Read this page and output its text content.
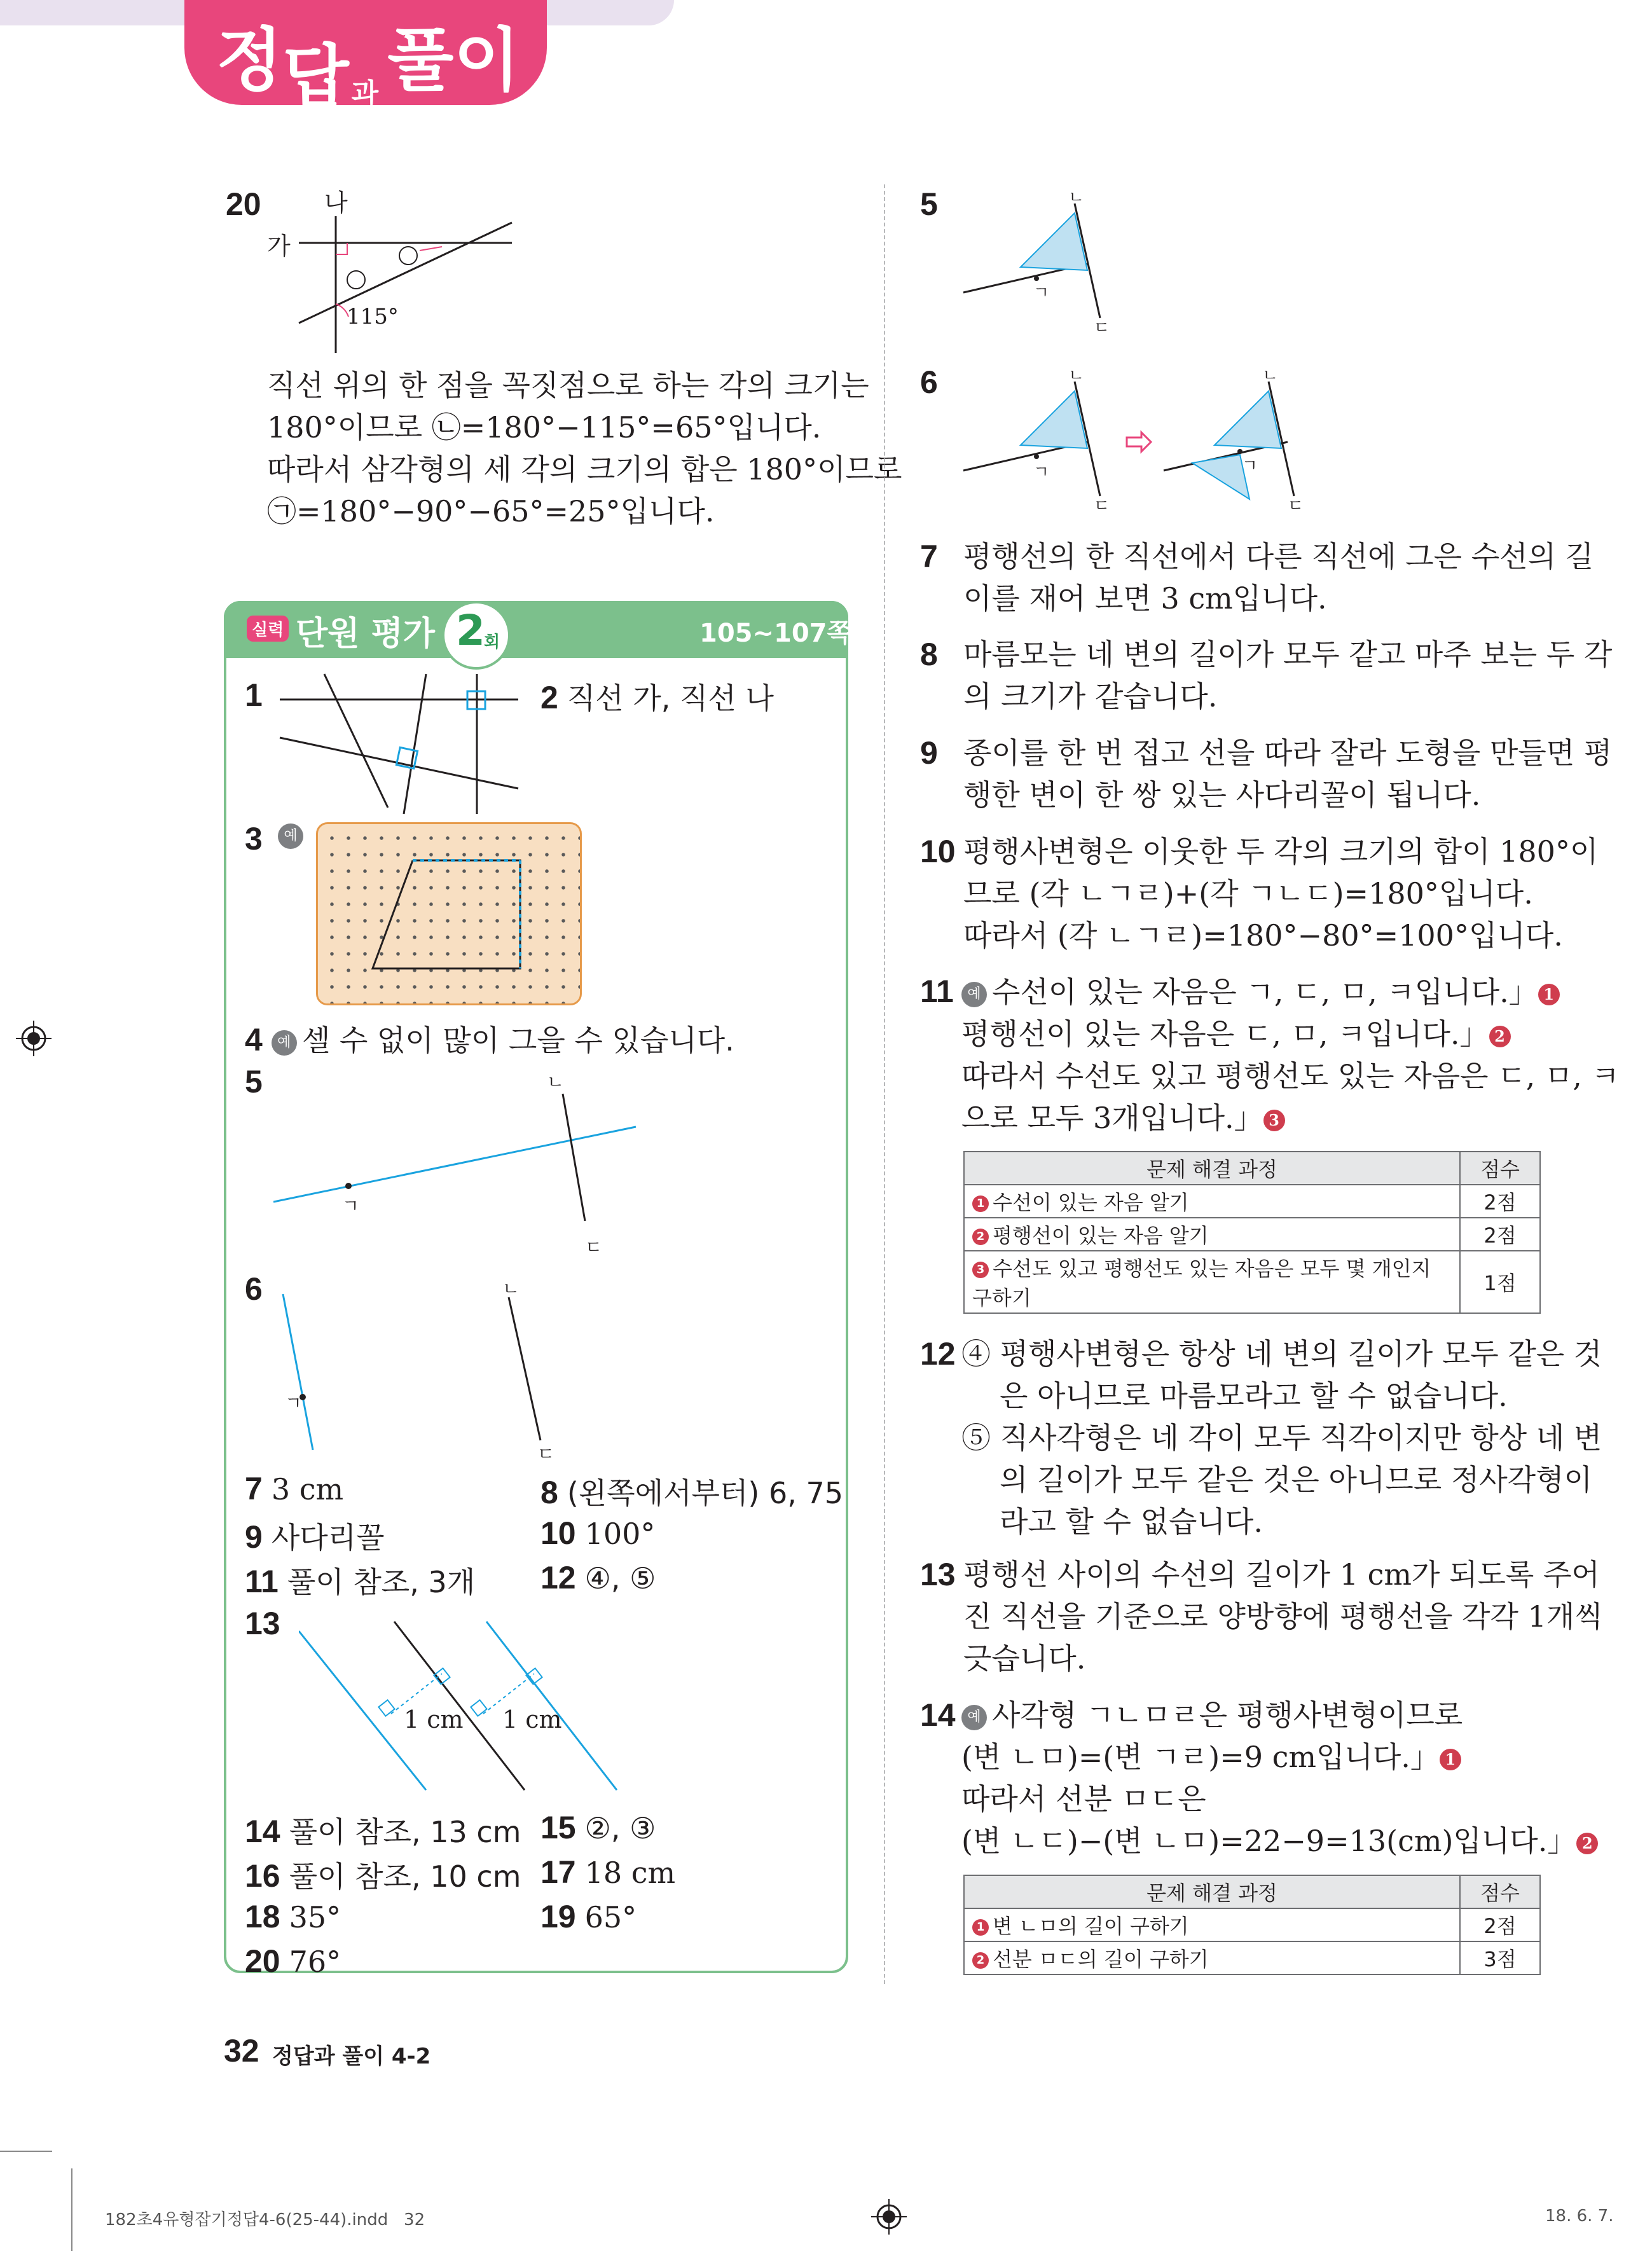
정답과 풀이
20	나
가
115°
직선 위의 한 점을 꼭짓점으로 하는 각의 크기는
180°이므로 ㉡=180°−115°=65°입니다.
따라서 삼각형의 세 각의 크기의 합은 180°이므로
㉠=180°−90°−65°=25°입니다.
실력 단원 평가 2
회	105~107쪽
1	2 직선 가, 직선 나
3	예
4 예 셀 수 없이 많이 그을 수 있습니다.
5	ㄴ
ㄱ
ㄷ
6
ㄱ
ㄴ
ㄷ
7 3 cm	8 (왼쪽에서부터) 6, 75
9 사다리꼴	10 100°
11 풀이 참조, 3개 12 ④, ⑤
13
1 cm 1 cm
14 풀이 참조, 13 cm 15 ②, ③
16 풀이 참조, 10 cm 17 18 cm
18 35°	19 65°
20 76°
5	ㄴ
ㄱ
ㄷ
6	ㄴ
ㄱ
ㄷ
ㄴ
ㄱ
ㄷ
7 평행선의 한 직선에서 다른 직선에 그은 수선의 길
이를 재어 보면 3 cm입니다.
8 마름모는 네 변의 길이가 모두 같고 마주 보는 두 각
의 크기가 같습니다.
9 종이를 한 번 접고 선을 따라 잘라 도형을 만들면 평
행한 변이 한 쌍 있는 사다리꼴이 됩니다.
10 평행사변형은 이웃한 두 각의 크기의 합이 180°이
므로 (각 ㄴㄱㄹ)+(각 ㄱㄴㄷ)=180°입니다.
따라서 (각 ㄴㄱㄹ)=180°−80°=100°입니다.
11 예 수선이 있는 자음은 ㄱ, ㄷ, ㅁ, ㅋ입니다.」 1
평행선이 있는 자음은 ㄷ, ㅁ, ㅋ입니다.」 2
따라서 수선도 있고 평행선도 있는 자음은 ㄷ, ㅁ, ㅋ
으로 모두 3개입니다.」 3
문제 해결 과정	점수
1 수선이 있는 자음 알기	2점
2 평행선이 있는 자음 알기	2점
3 수선도 있고 평행선도 있는 자음은 모두 몇 개인지 구하기	1점
12 ④ 평행사변형은 항상 네 변의 길이가 모두 같은 것
은 아니므로 마름모라고 할 수 없습니다.
⑤ 직사각형은 네 각이 모두 직각이지만 항상 네 변
의 길이가 모두 같은 것은 아니므로 정사각형이
라고 할 수 없습니다.
13 평행선 사이의 수선의 길이가 1 cm가 되도록 주어
진 직선을 기준으로 양방향에 평행선을 각각 1개씩
긋습니다.
14 예 사각형 ㄱㄴㅁㄹ은 평행사변형이므로
(변 ㄴㅁ)=(변 ㄱㄹ)=9 cm입니다.」 1
따라서 선분 ㅁㄷ은
(변 ㄴㄷ)−(변 ㄴㅁ)=22−9=13(cm)입니다.」 2
문제 해결 과정	점수
1 변 ㄴㅁ의 길이 구하기	2점
2 선분 ㅁㄷ의 길이 구하기	3점
32 정답과 풀이 4-2
182초4유형잡기정답4-6(25-44).indd   32	18. 6. 7.
